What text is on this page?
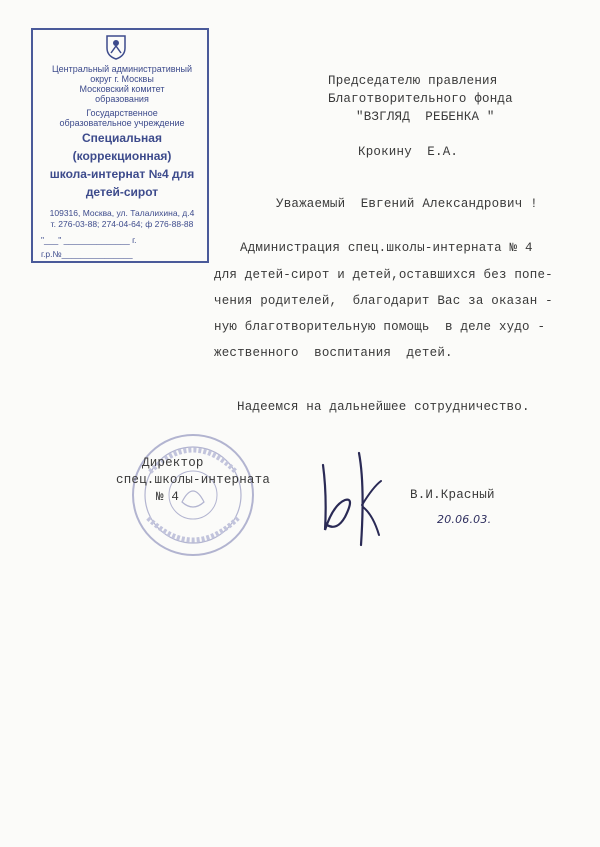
Центральный административный
округ г. Москвы
Московский комитет
образования
Государственное
образовательное учреждение
Специальная
(коррекционная)
школа-интернат №4 для
детей-сирот
109316, Москва, ул. Талалихина, д.4
т. 276-03-88; 274-04-64; ф 276-88-88
"___" ______________ г.
г.р.№_______________
Председателю правления
Благотворительного фонда
"ВЗГЛЯД  РЕБЕНКА "
Крокину  Е.А.
Уважаемый  Евгений Александрович !
Администрация спец.школы-интерната № 4
для детей-сирот и детей,оставшихся без попе-
чения родителей,  благодарит Вас за оказан -
ную благотворительную помощь  в деле худо -
жественного  воспитания  детей.
Надеемся на дальнейшее сотрудничество.
Директор
спец.школы-интерната
№ 4	В.И.Красный
20.06.03.
